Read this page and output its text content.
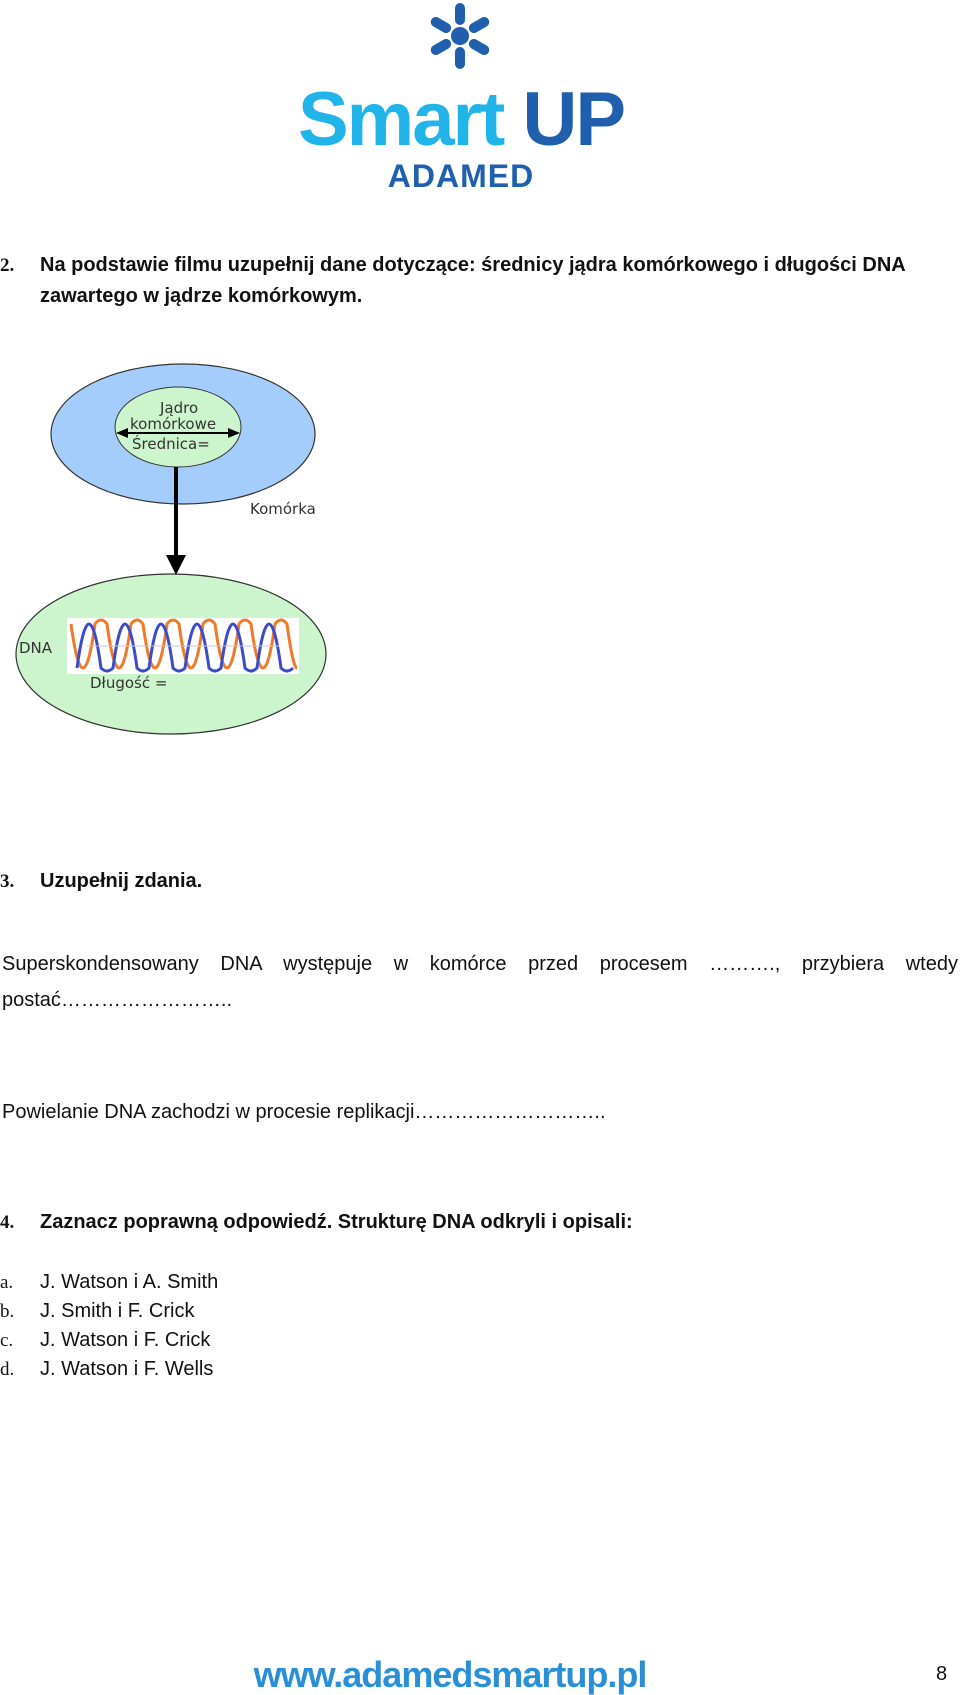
Smart UP
ADAMED
2. Na podstawie filmu uzupełnij dane dotyczące: średnicy jądra komórkowego i długości DNA
zawartego w jądrze komórkowym.
Jądro
komórkowe
Średnica=
Komórka
DNA
Długość =
3. Uzupełnij zdania.
Superskondensowany DNA występuje w komórce przed procesem ………., przybiera wtedy postać……………………..
Powielanie DNA zachodzi w procesie replikacji………………………..
4. Zaznacz poprawną odpowiedź. Strukturę DNA odkryli i opisali:
a. J. Watson i A. Smith
b. J. Smith i F. Crick
c. J. Watson i F. Crick
d. J. Watson i F. Wells
www.adamedsmartup.pl	8
